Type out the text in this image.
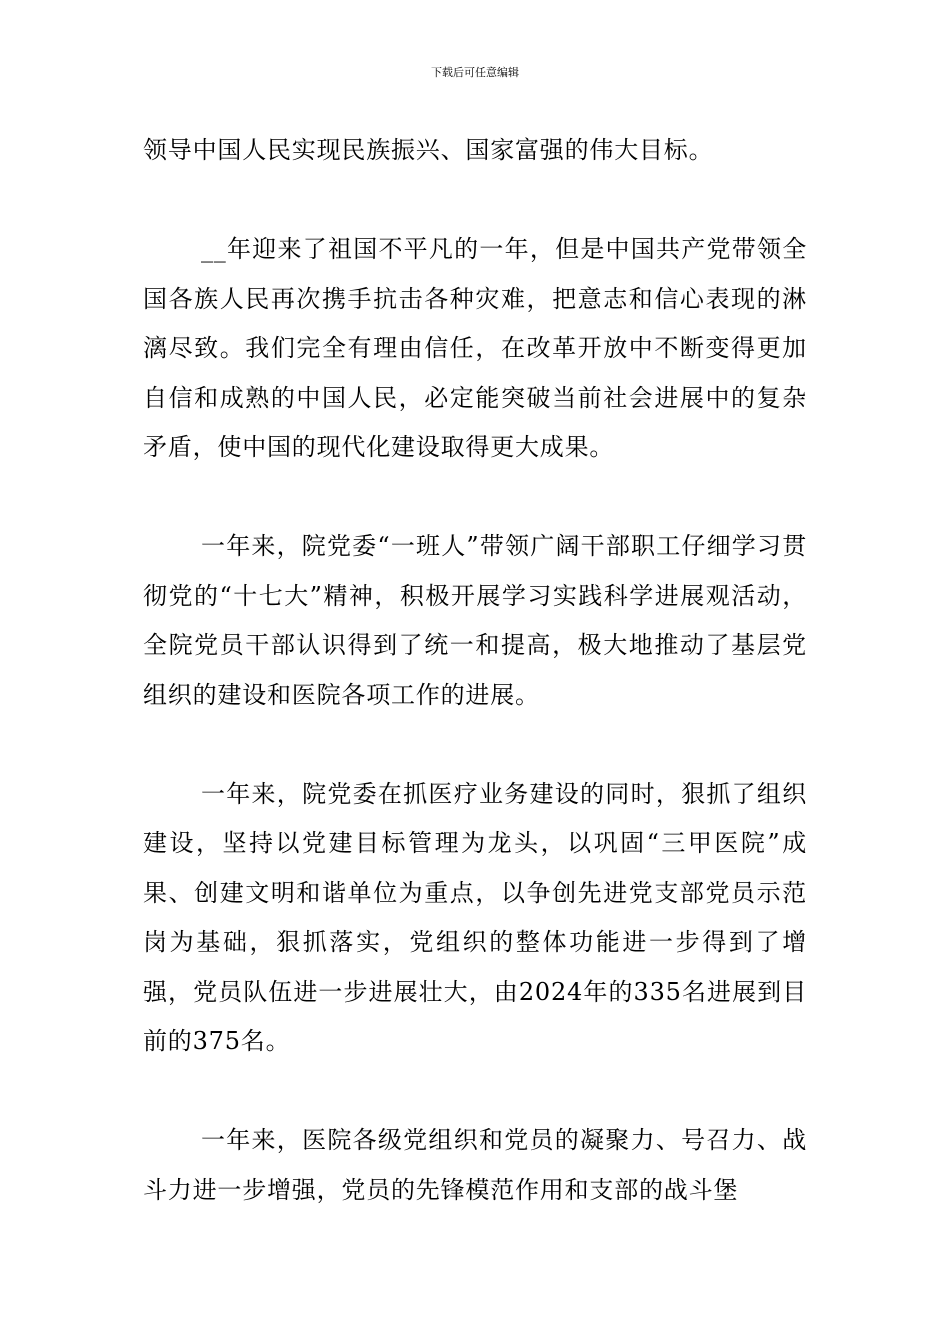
下载后可任意编辑

领导中国人民实现民族振兴、国家富强的伟大目标。

__年迎来了祖国不平凡的一年，但是中国共产党带领全国各族人民再次携手抗击各种灾难，把意志和信心表现的淋漓尽致。我们完全有理由信任，在改革开放中不断变得更加自信和成熟的中国人民，必定能突破当前社会进展中的复杂矛盾，使中国的现代化建设取得更大成果。

一年来，院党委“一班人”带领广阔干部职工仔细学习贯彻党的“十七大”精神，积极开展学习实践科学进展观活动，全院党员干部认识得到了统一和提高，极大地推动了基层党组织的建设和医院各项工作的进展。

一年来，院党委在抓医疗业务建设的同时，狠抓了组织建设，坚持以党建目标管理为龙头，以巩固“三甲医院”成果、创建文明和谐单位为重点，以争创先进党支部党员示范岗为基础，狠抓落实，党组织的整体功能进一步得到了增强，党员队伍进一步进展壮大，由2024年的335名进展到目前的375名。

一年来，医院各级党组织和党员的凝聚力、号召力、战斗力进一步增强，党员的先锋模范作用和支部的战斗堡
